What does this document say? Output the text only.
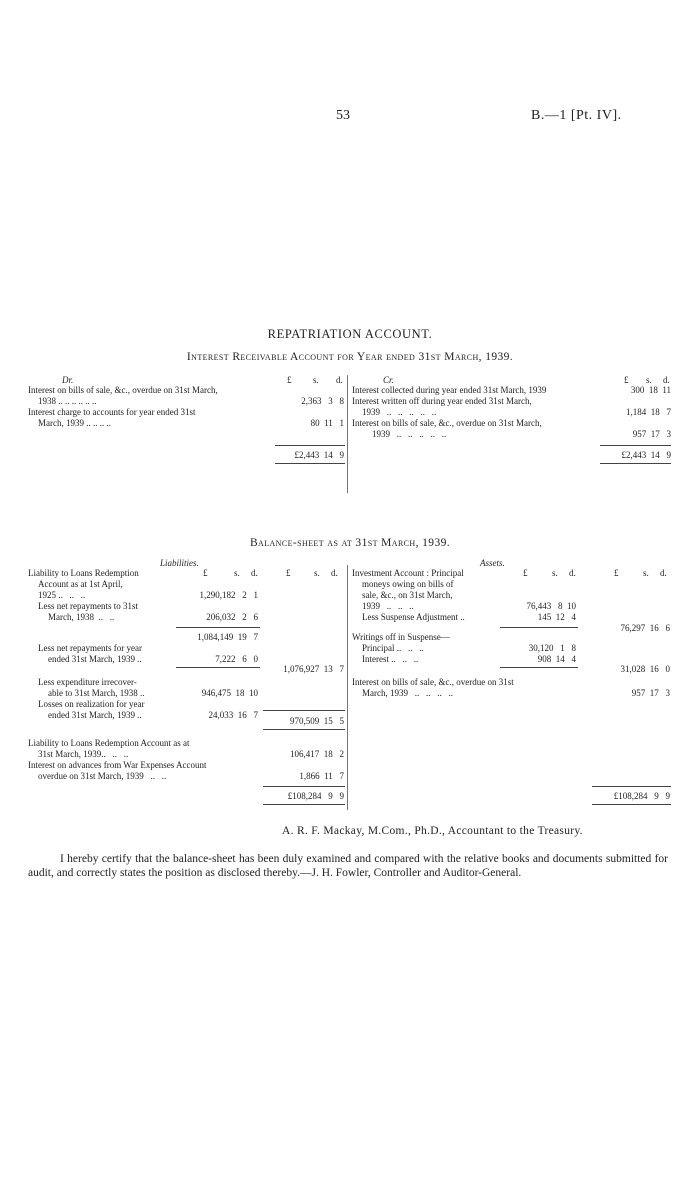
53	B.—1 [Pt. IV].
REPATRIATION ACCOUNT.
Interest Receivable Account for Year ended 31st March, 1939.
Dr.	£ s. d.
Interest on bills of sale, &c., overdue on 31st March,
1938 .. .. .. .. .. ..	2,363   3   8
Interest charge to accounts for year ended 31st
March, 1939 .. .. .. ..	80  11   1
£2,443  14   9
Cr.	£ s. d.
Interest collected during year ended 31st March, 1939	300  18  11
Interest written off during year ended 31st March,
1939   ..   ..   ..   ..   ..	1,184  18   7
Interest on bills of sale, &c., overdue on 31st March,
1939   ..   ..   ..   ..   ..	957  17   3
£2,443  14   9
Balance-sheet as at 31st March, 1939.
Liabilities.
£	s. d.	£	s. d.
Liability to Loans Redemption
Account as at 1st April,
1925 ..   ..   ..	1,290,182   2   1
Less net repayments to 31st
March, 1938  ..   ..	206,032   2   6
1,084,149  19   7
Less net repayments for year
ended 31st March, 1939 ..	7,222   6   0
1,076,927  13   7
Less expenditure irrecover-
able to 31st March, 1938 ..	946,475  18  10
Losses on realization for year
ended 31st March, 1939 ..	24,033  16   7
970,509  15   5
Liability to Loans Redemption Account as at
31st March, 1939..   ..   ..	106,417  18   2
Interest on advances from War Expenses Account
overdue on 31st March, 1939   ..   ..	1,866  11   7
£108,284   9   9
Assets.
£	s. d.	£	s. d.
Investment Account : Principal
moneys owing on bills of
sale, &c., on 31st March,
1939   ..   ..   ..	76,443   8  10
Less Suspense Adjustment ..	145  12   4
76,297  16   6
Writings off in Suspense—
Principal ..   ..   ..	30,120   1   8
Interest ..   ..   ..	908  14   4
31,028  16   0
Interest on bills of sale, &c., overdue on 31st
March, 1939   ..   ..   ..   ..	957  17   3
£108,284   9   9
A. R. F. Mackay, M.Com., Ph.D., Accountant to the Treasury.

I hereby certify that the balance-sheet has been duly examined and compared with the relative books and documents submitted for audit, and correctly states the position as disclosed thereby.—J. H. Fowler, Controller and Auditor-General.
